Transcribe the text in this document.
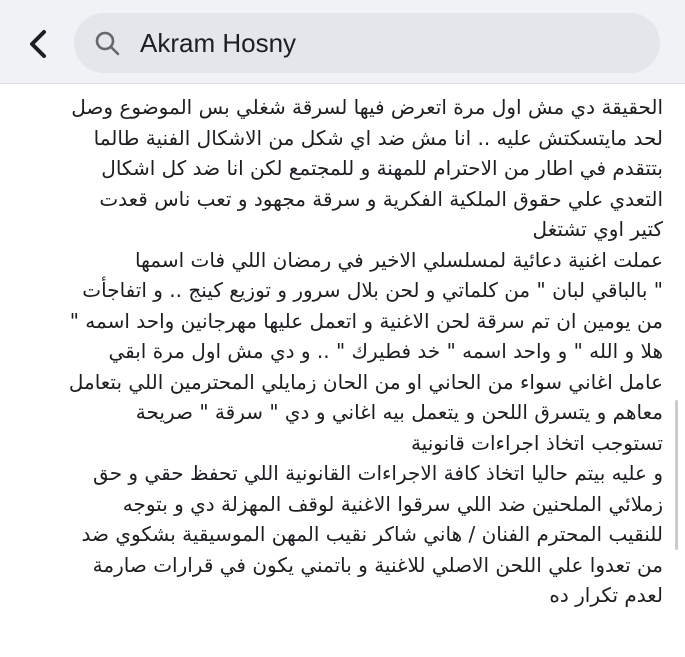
Akram Hosny

الحقيقة دي مش اول مرة اتعرض فيها لسرقة شغلي بس الموضوع وصل
لحد مايتسكتش عليه .. انا مش ضد اي شكل من الاشكال الفنية طالما
بتتقدم في اطار من الاحترام للمهنة و للمجتمع لكن انا ضد كل اشكال
التعدي علي حقوق الملكية الفكرية و سرقة مجهود و تعب ناس قعدت
كتير اوي تشتغل

عملت اغنية دعائية لمسلسلي الاخير في رمضان اللي فات اسمها
" بالباقي لبان " من كلماتي و لحن بلال سرور و توزيع كينج .. و اتفاجأت
من يومين ان تم سرقة لحن الاغنية و اتعمل عليها مهرجانين واحد اسمه "
هلا و الله " و واحد اسمه " خد فطيرك " .. و دي مش اول مرة ابقي
عامل اغاني سواء من الحاني او من الحان زمايلي المحترمين اللي بتعامل
معاهم و يتسرق اللحن و يتعمل بيه اغاني و دي " سرقة " صريحة
تستوجب اتخاذ اجراءات قانونية

و عليه بيتم حاليا اتخاذ كافة الاجراءات القانونية اللي تحفظ حقي و حق
زملائي الملحنين ضد اللي سرقوا الاغنية لوقف المهزلة دي و بتوجه
للنقيب المحترم الفنان / هاني شاكر نقيب المهن الموسيقية بشكوي ضد
من تعدوا علي اللحن الاصلي للاغنية و باتمني يكون في قرارات صارمة
لعدم تكرار ده
